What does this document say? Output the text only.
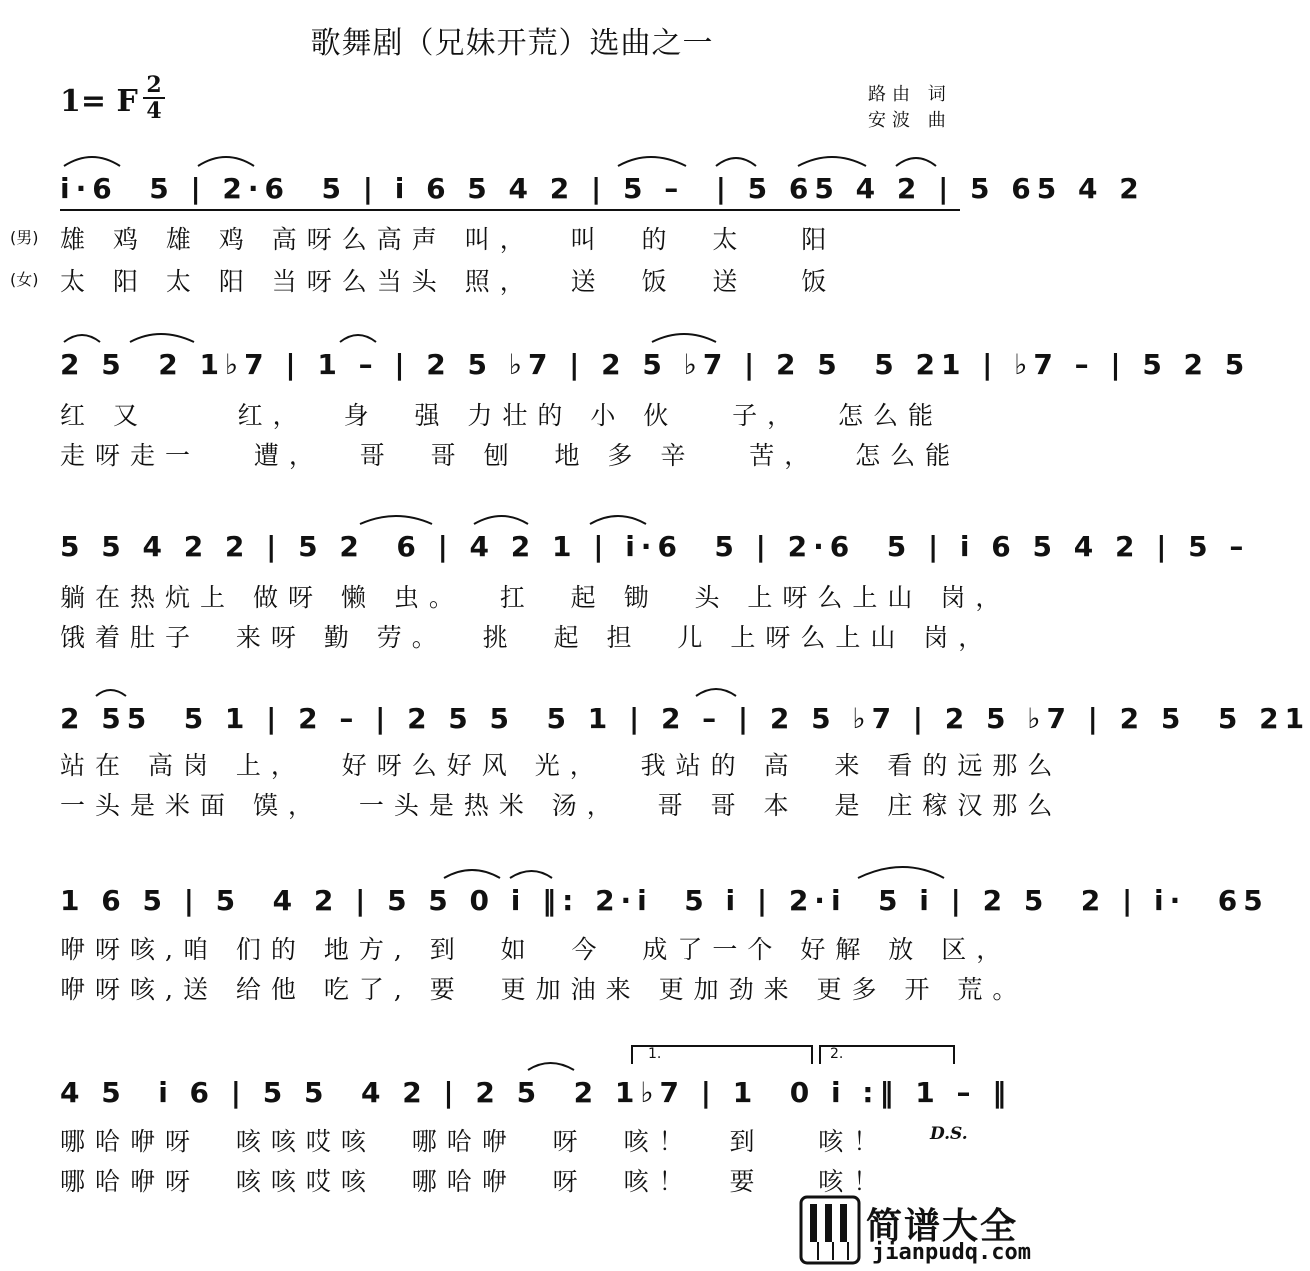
歌舞剧（兄妹开荒）选曲之一
1= F 2
4
路由 词
安波 曲
(男)
(女)
i·6  5 | 2·6  5 | i 6 5 4 2 | 5 –  | 5 65 4 2 | 5 65 4 2
雄 鸡 雄 鸡 高呀么高声 叫，  叫  的  太   阳
太 阳 太 阳 当呀么当头 照，  送  饭  送   饭
2 5  2 1♭7 | 1 – | 2 5 ♭7 | 2 5 ♭7 | 2 5  5 21 | ♭7 – | 5 2 5
红 又     红，  身  强 力壮的 小 伙   子，  怎么能
走呀走一   遭，  哥  哥 刨  地 多 辛   苦，  怎么能
5 5 4 2 2 | 5 2  6 | 4 2 1 | i·6  5 | 2·6  5 | i 6 5 4 2 | 5 –
躺在热炕上 做呀 懒 虫。  扛  起 锄  头 上呀么上山 岗，
饿着肚子  来呀 勤 劳。  挑  起 担  儿 上呀么上山 岗，
2 55  5 1 | 2 – | 2 5 5  5 1 | 2 – | 2 5 ♭7 | 2 5 ♭7 | 2 5  5 21
站在 高岗 上，  好呀么好风 光，  我站的 高  来 看的远那么
一头是米面 馍，  一头是热米 汤，  哥 哥 本  是 庄稼汉那么
1 6 5 | 5  4 2 | 5 5 0 i ‖: 2·i  5 i | 2·i  5 i | 2 5  2 | i·  65
咿呀咳,咱 们的 地方, 到  如  今  成了一个 好解 放 区，
咿呀咳,送 给他 吃了, 要  更加油来 更加劲来 更多 开 荒。
1.	2.
4 5  i 6 | 5 5  4 2 | 2 5  2 1♭7 | 1  0 i :‖ 1 – ‖
哪哈咿呀  咳咳哎咳  哪哈咿  呀  咳！  到   咳！
哪哈咿呀  咳咳哎咳  哪哈咿  呀  咳！  要   咳！
D.S.
简谱大全
jianpudq.com
